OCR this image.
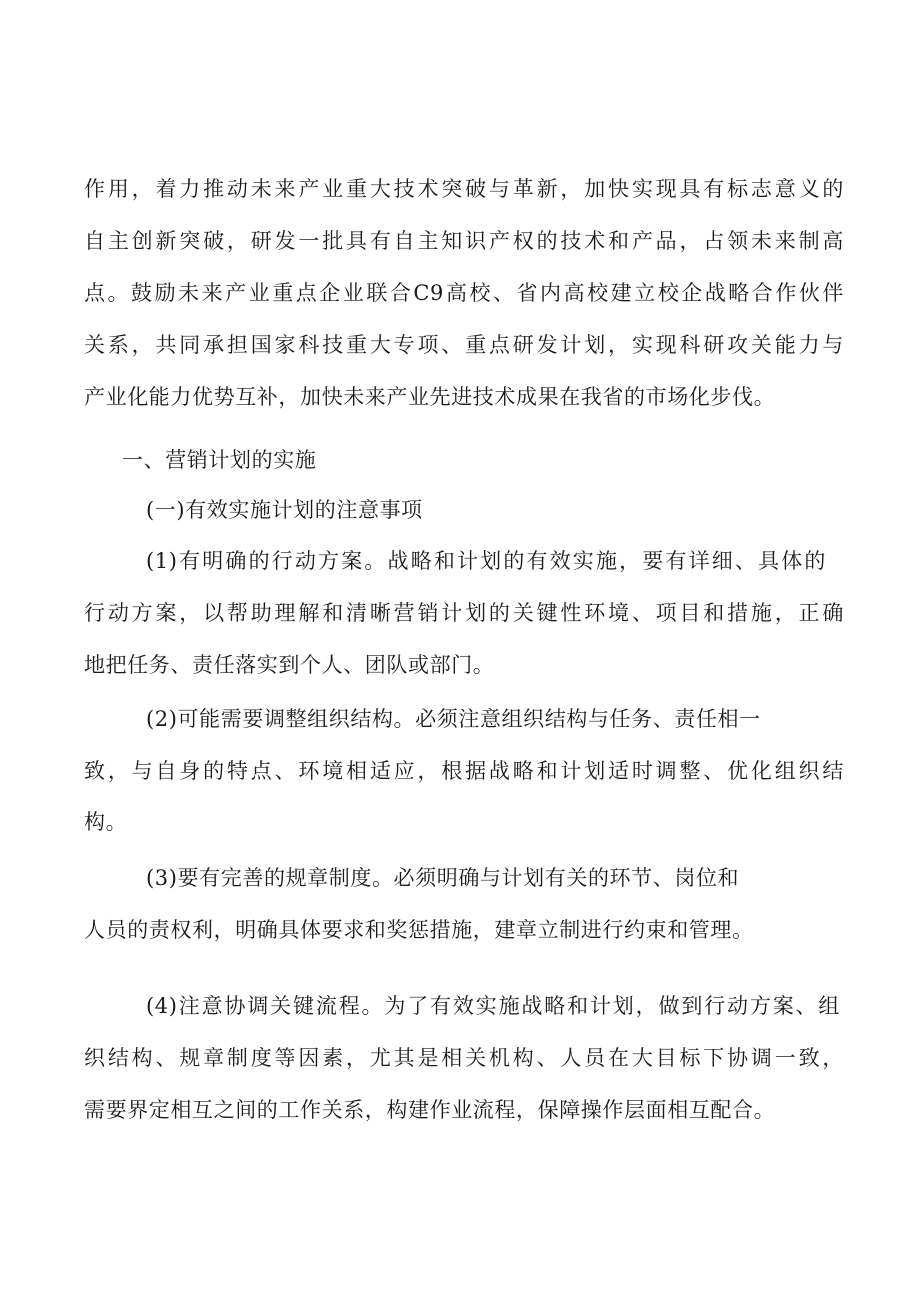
作用，着力推动未来产业重大技术突破与革新，加快实现具有标志意义的
自主创新突破，研发一批具有自主知识产权的技术和产品，占领未来制高
点。鼓励未来产业重点企业联合C9高校、省内高校建立校企战略合作伙伴
关系，共同承担国家科技重大专项、重点研发计划，实现科研攻关能力与
产业化能力优势互补，加快未来产业先进技术成果在我省的市场化步伐。
一、营销计划的实施
(一)有效实施计划的注意事项
(1)有明确的行动方案。战略和计划的有效实施，要有详细、具体的
行动方案，以帮助理解和清晰营销计划的关键性环境、项目和措施，正确
地把任务、责任落实到个人、团队或部门。
(2)可能需要调整组织结构。必须注意组织结构与任务、责任相一
致，与自身的特点、环境相适应，根据战略和计划适时调整、优化组织结
构。
(3)要有完善的规章制度。必须明确与计划有关的环节、岗位和
人员的责权利，明确具体要求和奖惩措施，建章立制进行约束和管理。
(4)注意协调关键流程。为了有效实施战略和计划，做到行动方案、组
织结构、规章制度等因素，尤其是相关机构、人员在大目标下协调一致，
需要界定相互之间的工作关系，构建作业流程，保障操作层面相互配合。
